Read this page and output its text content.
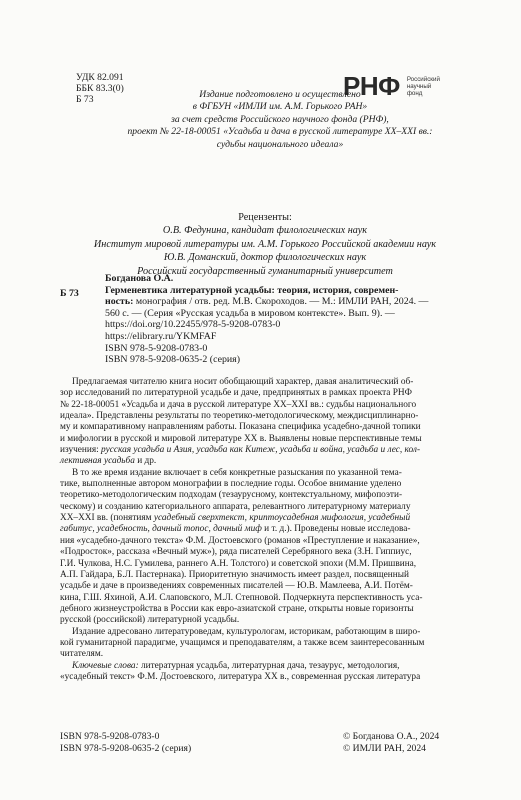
УДК 82.091
ББК 83.3(0)
Б 73	РНФ Российский
научный
фонд
Издание подготовлено и осуществлено
в ФГБУН «ИМЛИ им. А.М. Горького РАН»
за счет средств Российского научного фонда (РНФ),
проект № 22-18-00051 «Усадьба и дача в русской литературе XX–XXI вв.:
судьбы национального идеала»
Рецензенты:
О.В. Федунина, кандидат филологических наук
Институт мировой литературы им. А.М. Горького Российской академии наук
Ю.В. Доманский, доктор филологических наук
Российский государственный гуманитарный университет
Б 73
Богданова О.А.
Герменевтика литературной усадьбы: теория, история, современ-
ность: монография / отв. ред. М.В. Скороходов. — М.: ИМЛИ РАН, 2024. —
560 с. — (Серия «Русская усадьба в мировом контексте». Вып. 9). —
https://doi.org/10.22455/978-5-9208-0783-0
https://elibrary.ru/YKMFAF
ISBN 978-5-9208-0783-0
ISBN 978-5-9208-0635-2 (серия)
Предлагаемая читателю книга носит обобщающий характер, давая аналитический об-
зор исследований по литературной усадьбе и даче, предпринятых в рамках проекта РНФ
№ 22-18-00051 «Усадьба и дача в русской литературе XX–XXI вв.: судьбы национального
идеала». Представлены результаты по теоретико-методологическому, междисциплинарно-
му и компаративному направлениям работы. Показана специфика усадебно-дачной топики
и мифологии в русской и мировой литературе XX в. Выявлены новые перспективные темы
изучения: русская усадьба и Азия, усадьба как Китеж, усадьба и война, усадьба и лес, кол-
лективная усадьба и др.
В то же время издание включает в себя конкретные разыскания по указанной тема-
тике, выполненные автором монографии в последние годы. Особое внимание уделено
теоретико-методологическим подходам (тезаурусному, контекстуальному, мифопоэти-
ческому) и созданию категориального аппарата, релевантного литературному материалу
XX–XXI вв. (понятиям усадебный сверхтекст, криптоусадебная мифология, усадебный
габитус, усадебность, дачный топос, дачный миф и т. д.). Проведены новые исследова-
ния «усадебно-дачного текста» Ф.М. Достоевского (романов «Преступление и наказание»,
«Подросток», рассказа «Вечный муж»), ряда писателей Серебряного века (З.Н. Гиппиус,
Г.И. Чулкова, Н.С. Гумилева, раннего А.Н. Толстого) и советской эпохи (М.М. Пришвина,
А.П. Гайдара, Б.Л. Пастернака). Приоритетную значимость имеет раздел, посвященный
усадьбе и даче в произведениях современных писателей — Ю.В. Мамлеева, А.И. Потём-
кина, Г.Ш. Яхиной, А.И. Слаповского, М.Л. Степновой. Подчеркнута перспективность уса-
дебного жизнеустройства в России как евро-азиатской стране, открыты новые горизонты
русской (российской) литературной усадьбы.
Издание адресовано литературоведам, культурологам, историкам, работающим в широ-
кой гуманитарной парадигме, учащимся и преподавателям, а также всем заинтересованным
читателям.
Ключевые слова: литературная усадьба, литературная дача, тезаурус, методология,
«усадебный текст» Ф.М. Достоевского, литература XX в., современная русская литература
ISBN 978-5-9208-0783-0
ISBN 978-5-9208-0635-2 (серия)
© Богданова О.А., 2024
© ИМЛИ РАН, 2024
